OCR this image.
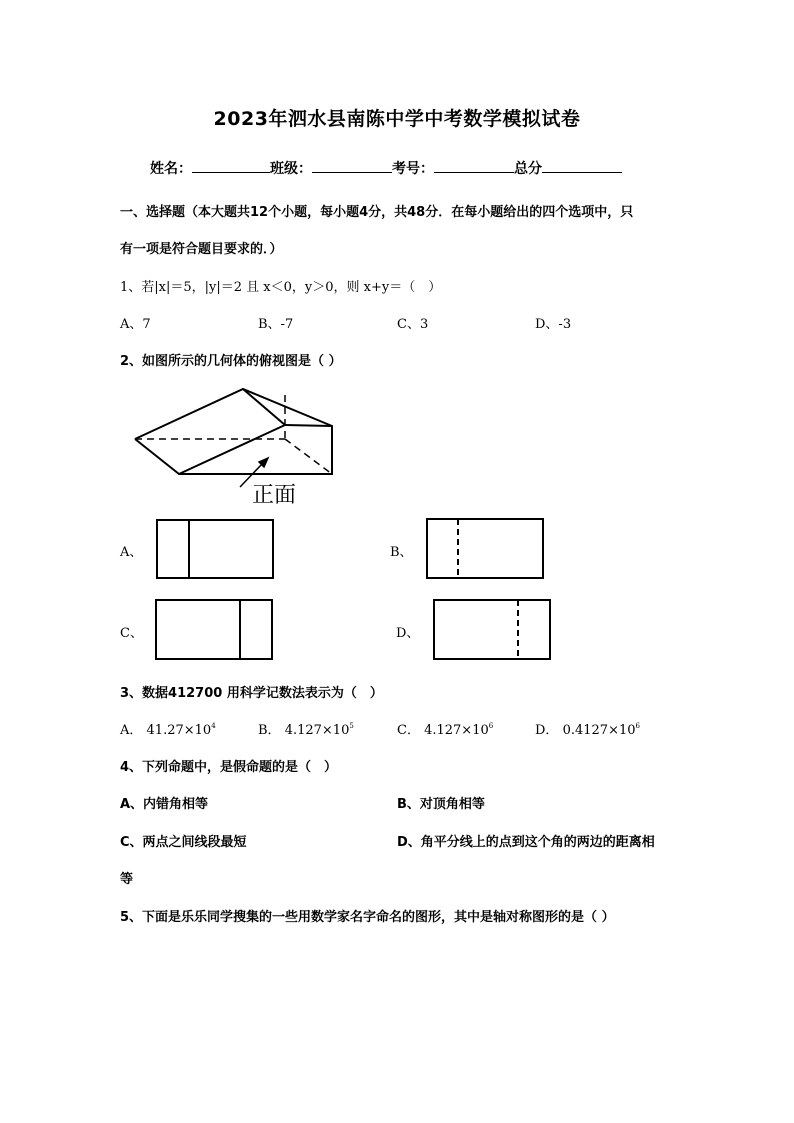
2023年泗水县南陈中学中考数学模拟试卷
姓名：	班级：	考号：	总分
一、选择题（本大题共12个小题，每小题4分，共48分．在每小题给出的四个选项中，只
有一项是符合题目要求的．）
1、若|x|＝5，|y|＝2 且 x＜0，y＞0，则 x+y＝（　）
A、7	B、-7	C、3	D、-3
2、如图所示的几何体的俯视图是（ ）
正面
A、	B、
C、	D、
3、数据412700 用科学记数法表示为（　）
A． $41.27\times 10^4$	B． $4.127\times 10^5$	C． $4.127\times 10^6$	D． $0.4127\times 10^6$
4、下列命题中，是假命题的是（　）
A、内错角相等	B、对顶角相等
C、两点之间线段最短	D、角平分线上的点到这个角的两边的距离相
等
5、下面是乐乐同学搜集的一些用数学家名字命名的图形，其中是轴对称图形的是（ ）
